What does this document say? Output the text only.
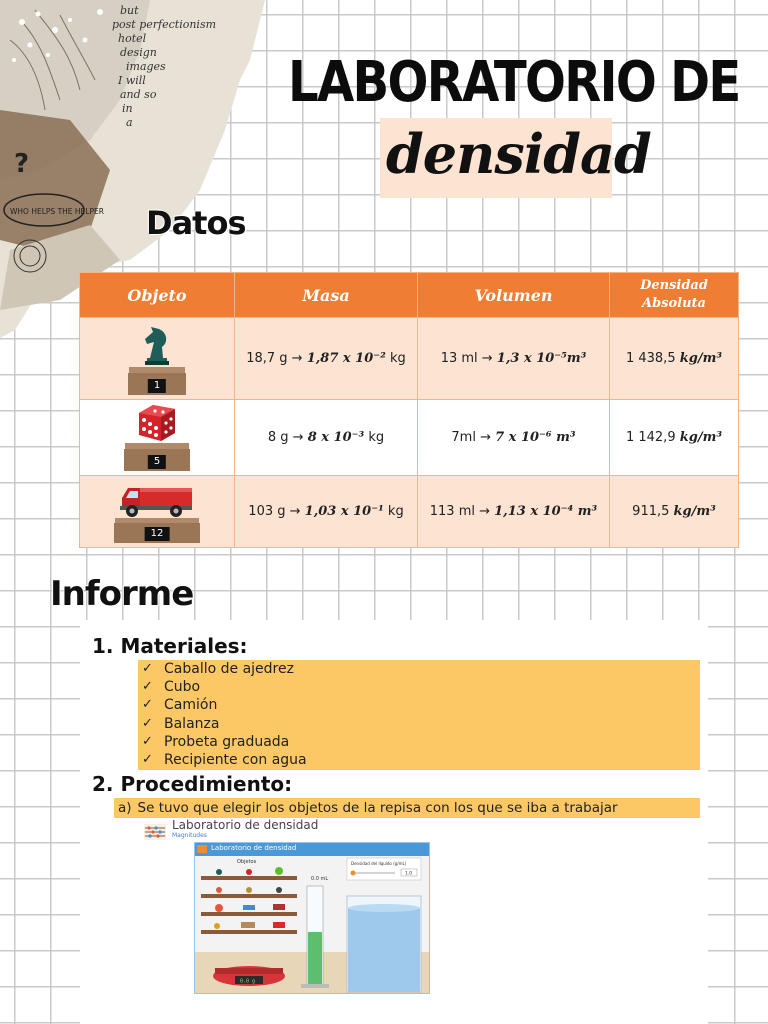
but
post perfectionism
hotel
design
images
I will
and so
in
a
?
WHO HELPS THE HELPER
LABORATORIO DE
densidad
Datos
Objeto	Masa	Volumen	Densidad Absoluta

1	18,7 g → 1,87 x 10⁻² kg	13 ml → 1,3 x 10⁻⁵m³	1 438,5 kg/m³

5	8 g → 8 x 10⁻³ kg	7ml → 7 x 10⁻⁶ m³	1 142,9 kg/m³

12	103 g → 1,03 x 10⁻¹ kg	113 ml → 1,13 x 10⁻⁴ m³	911,5 kg/m³
Informe
1. Materiales:
✓ Caballo de ajedrez
✓ Cubo
✓ Camión
✓ Balanza
✓ Probeta graduada
✓ Recipiente con agua
2. Procedimiento:
a) Se tuvo que elegir los objetos de la repisa con los que se iba a trabajar
Laboratorio de densidad
Magnitudes
Laboratorio de densidad
Objetos
0.0 mL
Densidad del líquido (g/mL)
1.0
0.0 g
